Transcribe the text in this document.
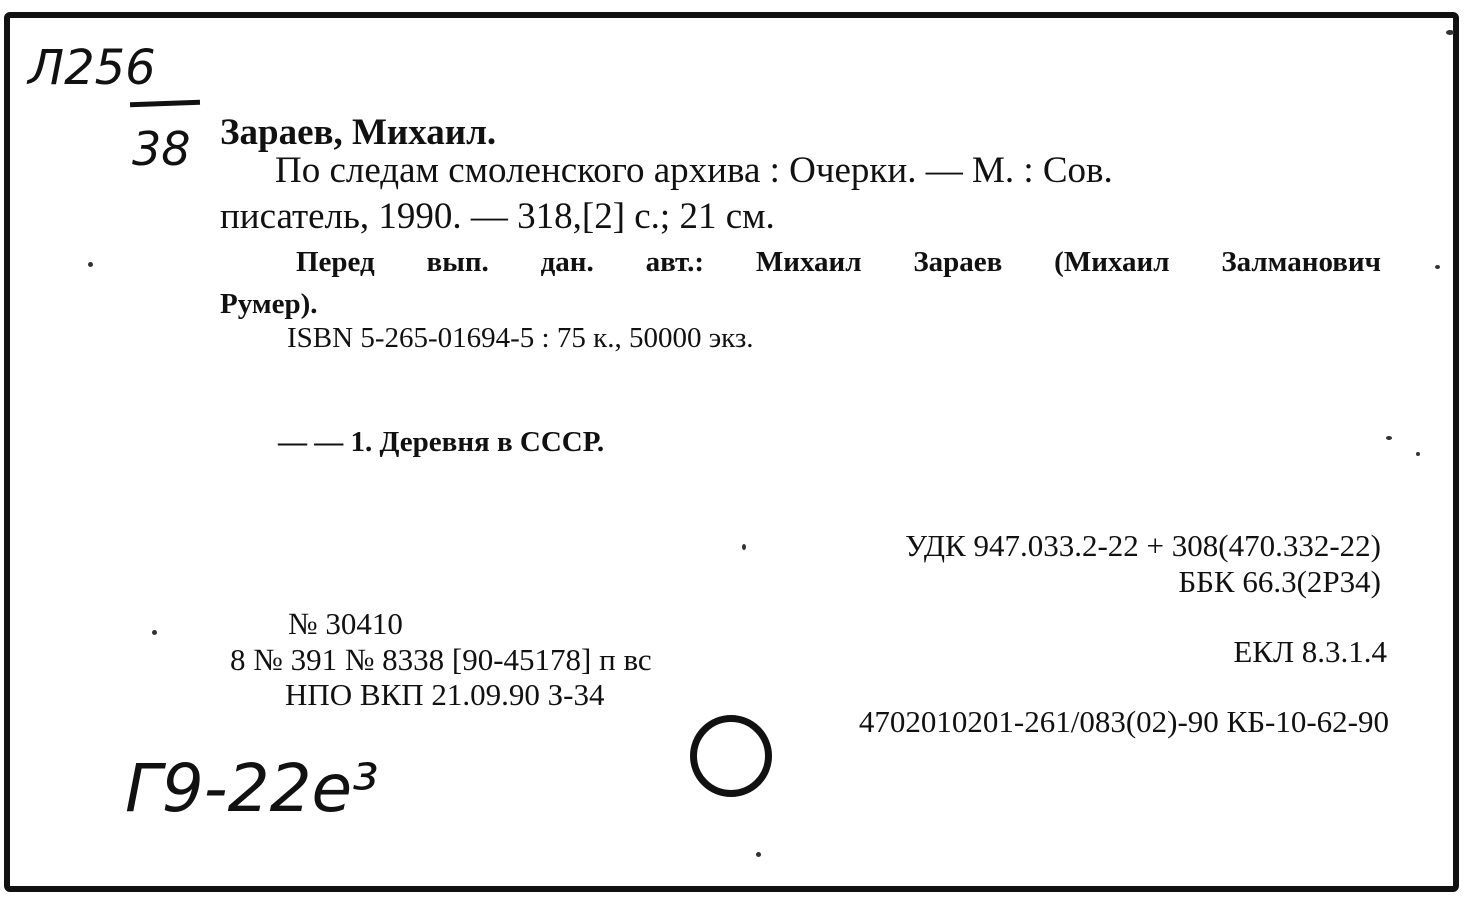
Л256
38 Зараев, Михаил.
По следам смоленского архива : Очерки. — М. : Сов.
писатель, 1990. — 318,[2] с.; 21 см.
Перед вып. дан. авт.: Михаил Зараев (Михаил Залманович
Румер).
ISBN 5-265-01694-5 : 75 к., 50000 экз.
— — 1. Деревня в СССР.
УДК 947.033.2-22 + 308(470.332-22)
ББК 66.3(2Р34)
№ 30410
8 № 391 № 8338 [90-45178] п вс
НПО ВКП 21.09.90 З-34
ЕКЛ 8.3.1.4
4702010201-261/083(02)-90 КБ-10-62-90
Г9-22е³
